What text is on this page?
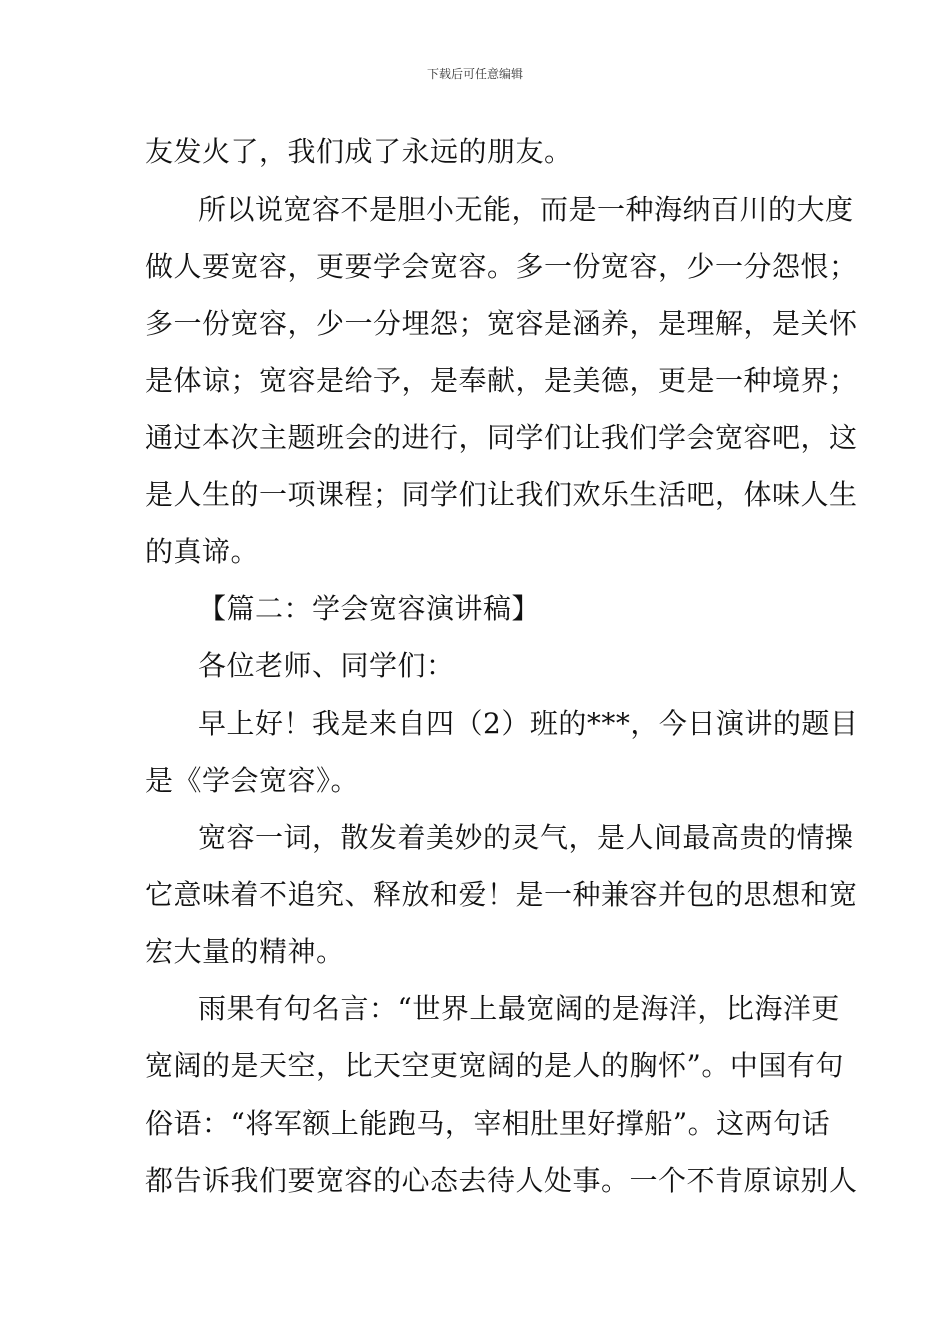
下载后可任意编辑
友发火了，我们成了永远的朋友。
所以说宽容不是胆小无能，而是一种海纳百川的大度
做人要宽容，更要学会宽容。多一份宽容，少一分怨恨；
多一份宽容，少一分埋怨；宽容是涵养，是理解，是关怀
是体谅；宽容是给予，是奉献，是美德，更是一种境界；
通过本次主题班会的进行，同学们让我们学会宽容吧，这
是人生的一项课程；同学们让我们欢乐生活吧，体味人生
的真谛。
【篇二：学会宽容演讲稿】
各位老师、同学们：
早上好！我是来自四（2）班的***，今日演讲的题目
是《学会宽容》。
宽容一词，散发着美妙的灵气，是人间最高贵的情操
它意味着不追究、释放和爱！是一种兼容并包的思想和宽
宏大量的精神。
雨果有句名言：“世界上最宽阔的是海洋，比海洋更
宽阔的是天空，比天空更宽阔的是人的胸怀”。中国有句
俗语：“将军额上能跑马，宰相肚里好撑船”。这两句话
都告诉我们要宽容的心态去待人处事。一个不肯原谅别人
